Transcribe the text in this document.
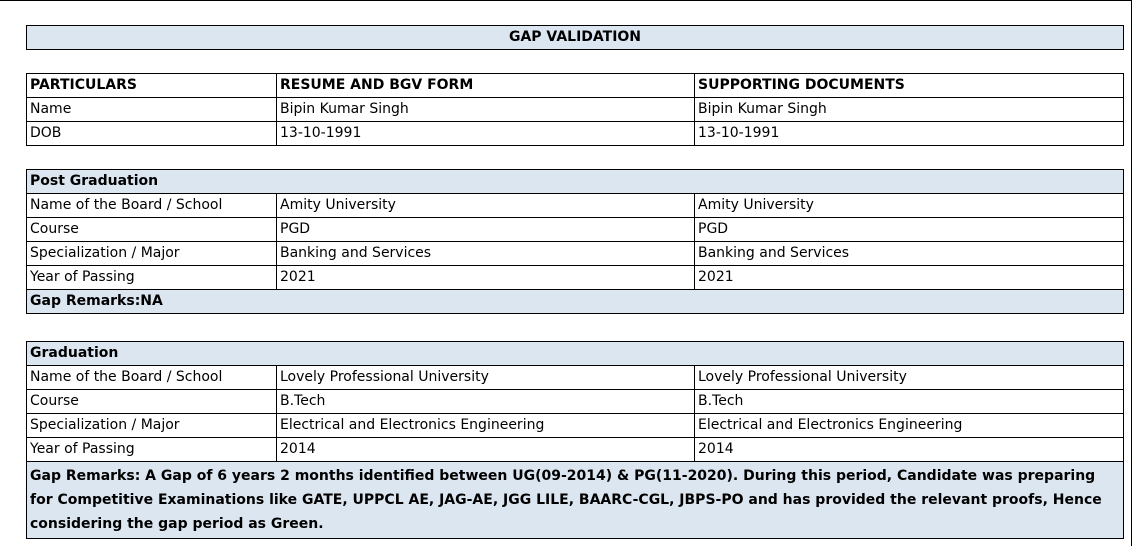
GAP VALIDATION
PARTICULARS	RESUME AND BGV FORM	SUPPORTING DOCUMENTS
Name	Bipin Kumar Singh	Bipin Kumar Singh
DOB	13-10-1991	13-10-1991
Post Graduation		
Name of the Board / School	Amity University	Amity University
Course	PGD	PGD
Specialization / Major	Banking and Services	Banking and Services
Year of Passing	2021	2021
Gap Remarks:NA		
Graduation		
Name of the Board / School	Lovely Professional University	Lovely Professional University
Course	B.Tech	B.Tech
Specialization / Major	Electrical and Electronics Engineering	Electrical and Electronics Engineering
Year of Passing	2014	2014
Gap Remarks: A Gap of 6 years 2 months identified between UG(09-2014) & PG(11-2020). During this period, Candidate was preparing for Competitive Examinations like GATE, UPPCL AE, JAG-AE, JGG LILE, BAARC-CGL, JBPS-PO and has provided the relevant proofs, Hence considering the gap period as Green.		
